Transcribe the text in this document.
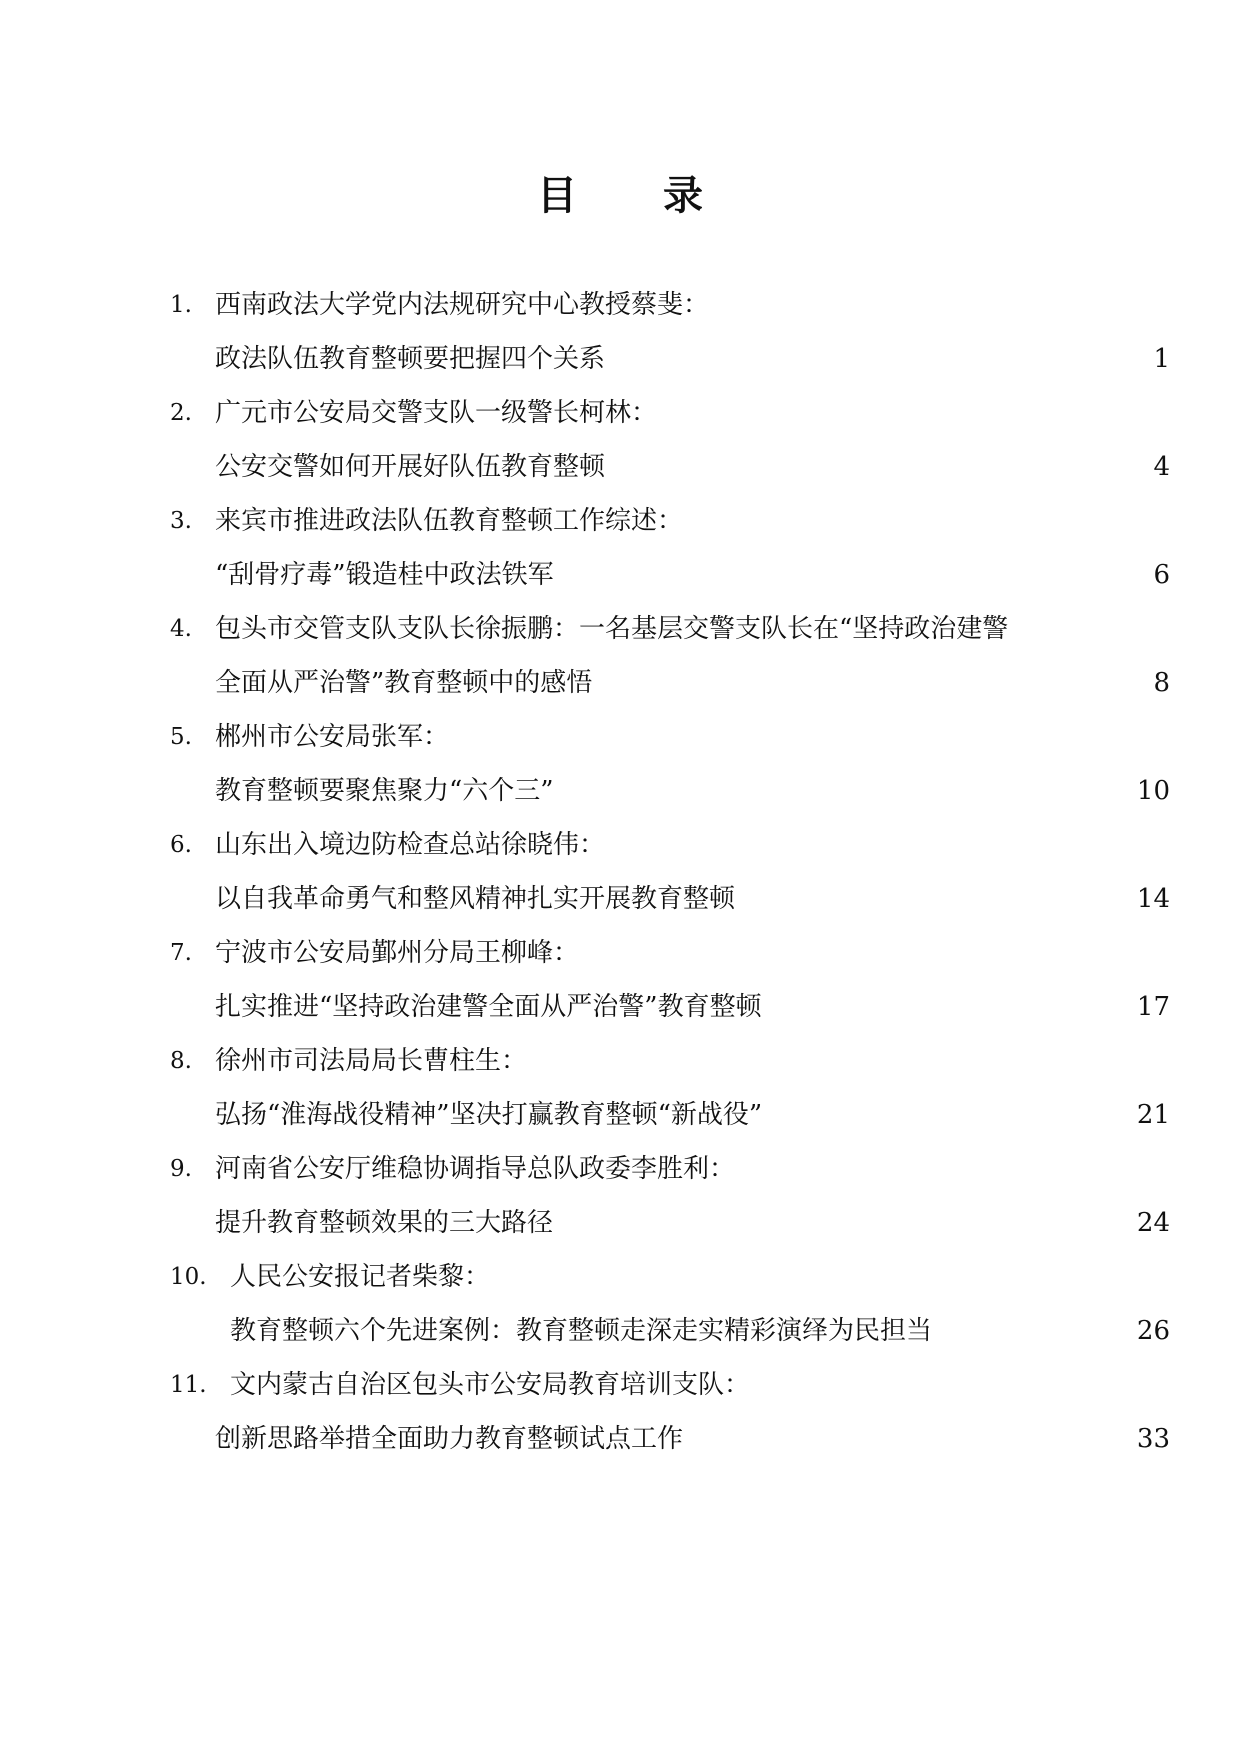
目 录
1. 西南政法大学党内法规研究中心教授蔡斐：
政法队伍教育整顿要把握四个关系	1
2. 广元市公安局交警支队一级警长柯林：
公安交警如何开展好队伍教育整顿	4
3. 来宾市推进政法队伍教育整顿工作综述：
“刮骨疗毒”锻造桂中政法铁军	6
4. 包头市交管支队支队长徐振鹏：一名基层交警支队长在“坚持政治建警
全面从严治警”教育整顿中的感悟	8
5. 郴州市公安局张军：
教育整顿要聚焦聚力“六个三”	10
6. 山东出入境边防检查总站徐晓伟：
以自我革命勇气和整风精神扎实开展教育整顿	14
7. 宁波市公安局鄞州分局王柳峰：
扎实推进“坚持政治建警全面从严治警”教育整顿	17
8. 徐州市司法局局长曹柱生：
弘扬“淮海战役精神”坚决打赢教育整顿“新战役”	21
9. 河南省公安厅维稳协调指导总队政委李胜利：
提升教育整顿效果的三大路径	24
10. 人民公安报记者柴黎：
教育整顿六个先进案例：教育整顿走深走实精彩演绎为民担当	26
11. 文内蒙古自治区包头市公安局教育培训支队：
创新思路举措全面助力教育整顿试点工作	33
